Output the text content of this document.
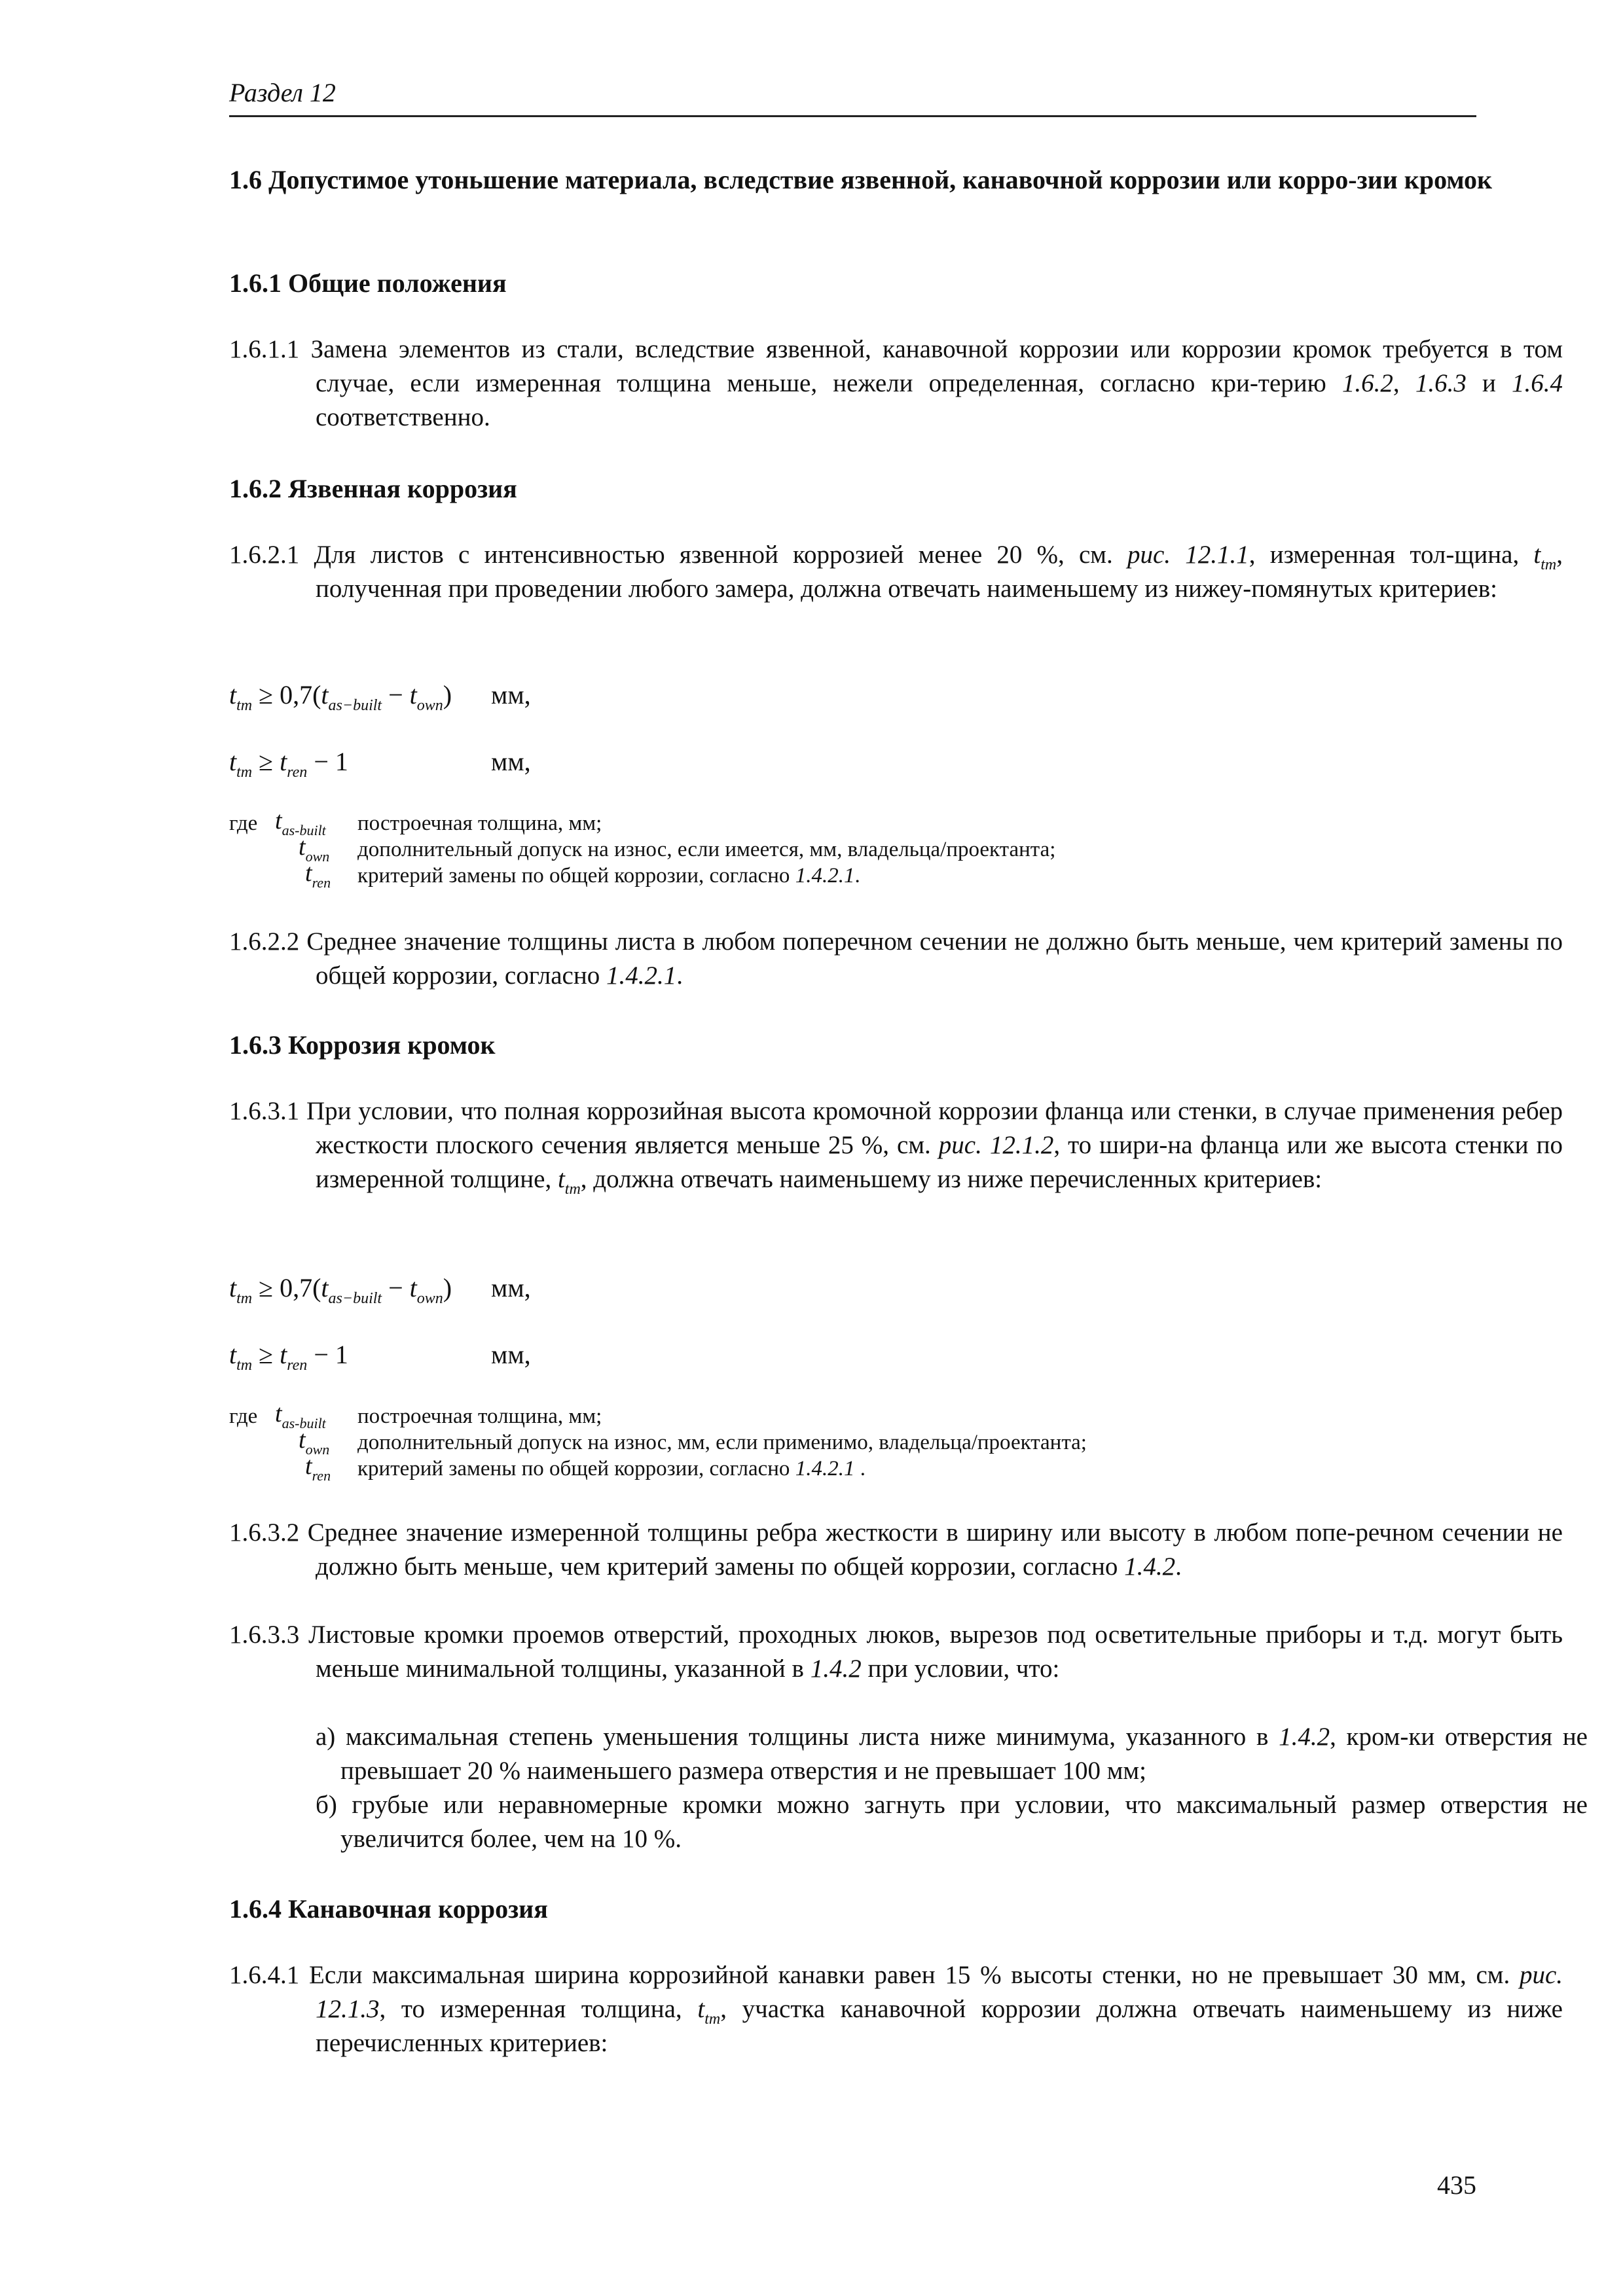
Раздел 12
1.6 Допустимое утоньшение материала, вследствие язвенной, канавочной коррозии или корро-зии кромок
1.6.1 Общие положения
1.6.1.1 Замена элементов из стали, вследствие язвенной, канавочной коррозии или коррозии кромок требуется в том случае, если измеренная толщина меньше, нежели определенная, согласно кри-терию 1.6.2, 1.6.3 и 1.6.4 соответственно.
1.6.2 Язвенная коррозия
1.6.2.1 Для листов с интенсивностью язвенной коррозией менее 20 %, см. рис. 12.1.1, измеренная тол-щина, $t_{tm}$, полученная при проведении любого замера, должна отвечать наименьшему из нижеу-помянутых критериев:
$t_{tm} \ge 0,7(t_{as-built} - t_{own})$ мм,
$t_{tm} \ge t_{ren} - 1$	мм,
где $t_{as-built}$ построечная толщина, мм;
$t_{own}$ дополнительный допуск на износ, если имеется, мм, владельца/проектанта;
$t_{ren}$ критерий замены по общей коррозии, согласно 1.4.2.1.
1.6.2.2 Среднее значение толщины листа в любом поперечном сечении не должно быть меньше, чем критерий замены по общей коррозии, согласно 1.4.2.1.
1.6.3 Коррозия кромок
1.6.3.1 При условии, что полная коррозийная высота кромочной коррозии фланца или стенки, в случае применения ребер жесткости плоского сечения является меньше 25 %, см. рис. 12.1.2, то шири-на фланца или же высота стенки по измеренной толщине, $t_{tm}$, должна отвечать наименьшему из ниже перечисленных критериев:
$t_{tm} \ge 0,7(t_{as-built} - t_{own})$ мм,
$t_{tm} \ge t_{ren} - 1$	мм,
где $t_{as-built}$ построечная толщина, мм;
$t_{own}$ дополнительный допуск на износ, мм, если применимо, владельца/проектанта;
$t_{ren}$ критерий замены по общей коррозии, согласно 1.4.2.1 .
1.6.3.2 Среднее значение измеренной толщины ребра жесткости в ширину или высоту в любом попе-речном сечении не должно быть меньше, чем критерий замены по общей коррозии, согласно 1.4.2.
1.6.3.3 Листовые кромки проемов отверстий, проходных люков, вырезов под осветительные приборы и т.д. могут быть меньше минимальной толщины, указанной в 1.4.2 при условии, что:
а) максимальная степень уменьшения толщины листа ниже минимума, указанного в 1.4.2, кром-ки отверстия не превышает 20 % наименьшего размера отверстия и не превышает 100 мм;
б) грубые или неравномерные кромки можно загнуть при условии, что максимальный размер отверстия не увеличится более, чем на 10 %.
1.6.4 Канавочная коррозия
1.6.4.1 Если максимальная ширина коррозийной канавки равен 15 % высоты стенки, но не превышает 30 мм, см. рис. 12.1.3, то измеренная толщина, $t_{tm}$, участка канавочной коррозии должна отвечать наименьшему из ниже перечисленных критериев:
435
